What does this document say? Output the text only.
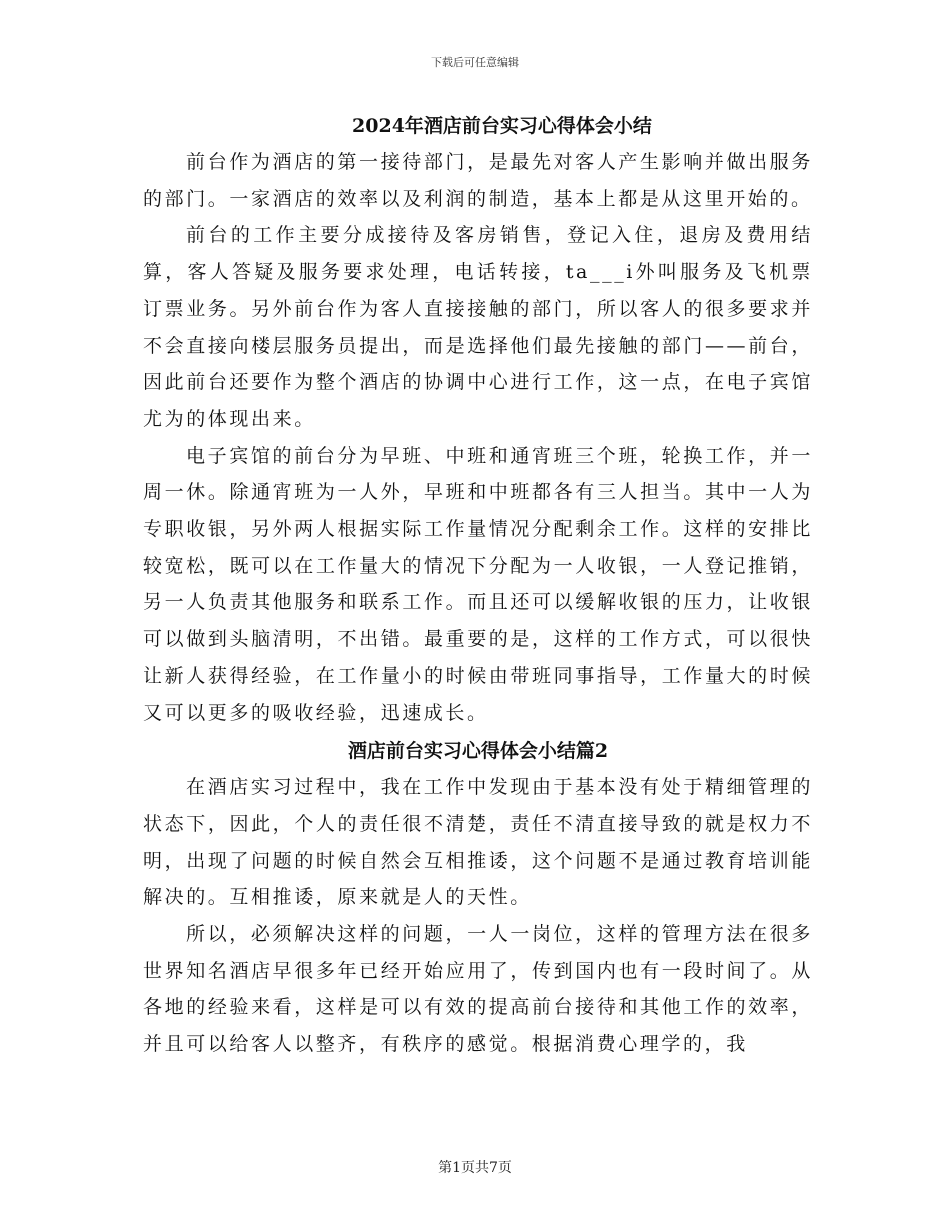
下载后可任意编辑
2024年酒店前台实习心得体会小结

前台作为酒店的第一接待部门，是最先对客人产生影响并做出服务的部门。一家酒店的效率以及利润的制造，基本上都是从这里开始的。

前台的工作主要分成接待及客房销售，登记入住，退房及费用结算，客人答疑及服务要求处理，电话转接，ta___i外叫服务及飞机票订票业务。另外前台作为客人直接接触的部门，所以客人的很多要求并不会直接向楼层服务员提出，而是选择他们最先接触的部门——前台，因此前台还要作为整个酒店的协调中心进行工作，这一点，在电子宾馆尤为的体现出来。

电子宾馆的前台分为早班、中班和通宵班三个班，轮换工作，并一周一休。除通宵班为一人外，早班和中班都各有三人担当。其中一人为专职收银，另外两人根据实际工作量情况分配剩余工作。这样的安排比较宽松，既可以在工作量大的情况下分配为一人收银，一人登记推销，另一人负责其他服务和联系工作。而且还可以缓解收银的压力，让收银可以做到头脑清明，不出错。最重要的是，这样的工作方式，可以很快让新人获得经验，在工作量小的时候由带班同事指导，工作量大的时候又可以更多的吸收经验，迅速成长。

酒店前台实习心得体会小结篇2

在酒店实习过程中，我在工作中发现由于基本没有处于精细管理的状态下，因此，个人的责任很不清楚，责任不清直接导致的就是权力不明，出现了问题的时候自然会互相推诿，这个问题不是通过教育培训能解决的。互相推诿，原来就是人的天性。

所以，必须解决这样的问题，一人一岗位，这样的管理方法在很多世界知名酒店早很多年已经开始应用了，传到国内也有一段时间了。从各地的经验来看，这样是可以有效的提高前台接待和其他工作的效率，并且可以给客人以整齐，有秩序的感觉。根据消费心理学的，我

第1页共7页
